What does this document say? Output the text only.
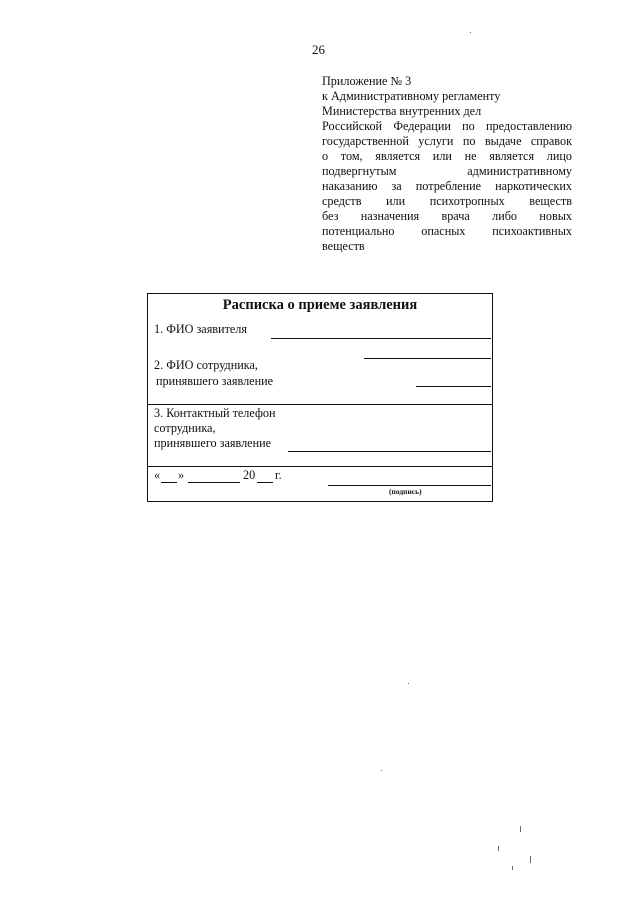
26
Приложение № 3
к Административному регламенту
Министерства внутренних дел
Российской Федерации по предоставлению
государственной услуги по выдаче справок
о том, является или не является лицо
подвергнутым административному
наказанию за потребление наркотических
средств или психотропных веществ
без назначения врача либо новых
потенциально опасных психоактивных
веществ
Расписка о приеме заявления
1. ФИО заявителя
2. ФИО сотрудника,
принявшего заявление
3. Контактный телефон
сотрудника,
принявшего заявление
« »	20 г.
(подпись)
